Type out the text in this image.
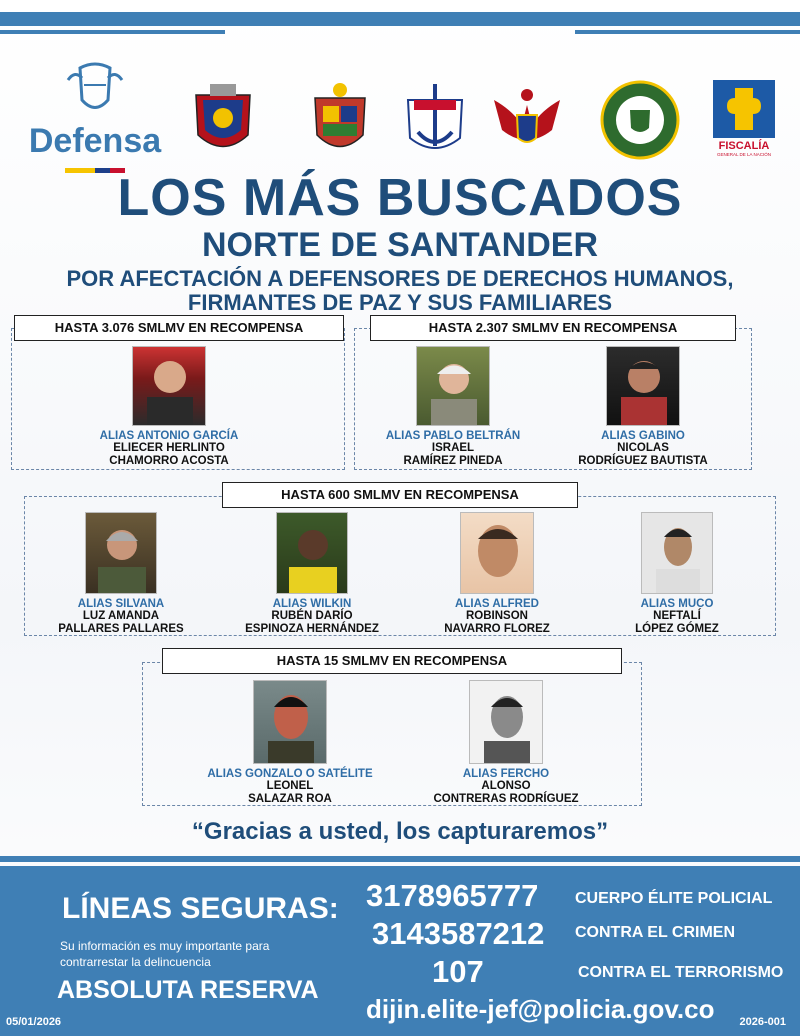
Defensa	FISCALÍA
GENERAL DE LA NACIÓN
LOS MÁS BUSCADOS
NORTE DE SANTANDER
POR AFECTACIÓN A DEFENSORES DE DERECHOS HUMANOS,
FIRMANTES DE PAZ Y SUS FAMILIARES
HASTA 3.076 SMLMV EN RECOMPENSA
ALIAS ANTONIO GARCÍA
ELIECER HERLINTO
CHAMORRO ACOSTA
HASTA 2.307 SMLMV EN RECOMPENSA
ALIAS PABLO BELTRÁN
ISRAEL
RAMÍREZ PINEDA
ALIAS GABINO
NICOLAS
RODRÍGUEZ BAUTISTA
HASTA 600 SMLMV EN RECOMPENSA
ALIAS SILVANA
LUZ AMANDA
PALLARES PALLARES
ALIAS WILKIN
RUBÉN DARÍO
ESPINOZA HERNÁNDEZ
ALIAS ALFRED
ROBINSON
NAVARRO FLOREZ
ALIAS MUCO
NEFTALÍ
LÓPEZ GÓMEZ
HASTA 15 SMLMV EN RECOMPENSA
ALIAS GONZALO O SATÉLITE
LEONEL
SALAZAR ROA
ALIAS FERCHO
ALONSO
CONTRERAS RODRÍGUEZ
“Gracias a usted, los capturaremos”
LÍNEAS SEGURAS:
Su información es muy importante para
contrarrestar la delincuencia
ABSOLUTA RESERVA
3178965777
3143587212
107
CUERPO ÉLITE POLICIAL
CONTRA EL CRIMEN
CONTRA EL TERRORISMO
dijin.elite-jef@policia.gov.co
05/01/2026	2026-001
